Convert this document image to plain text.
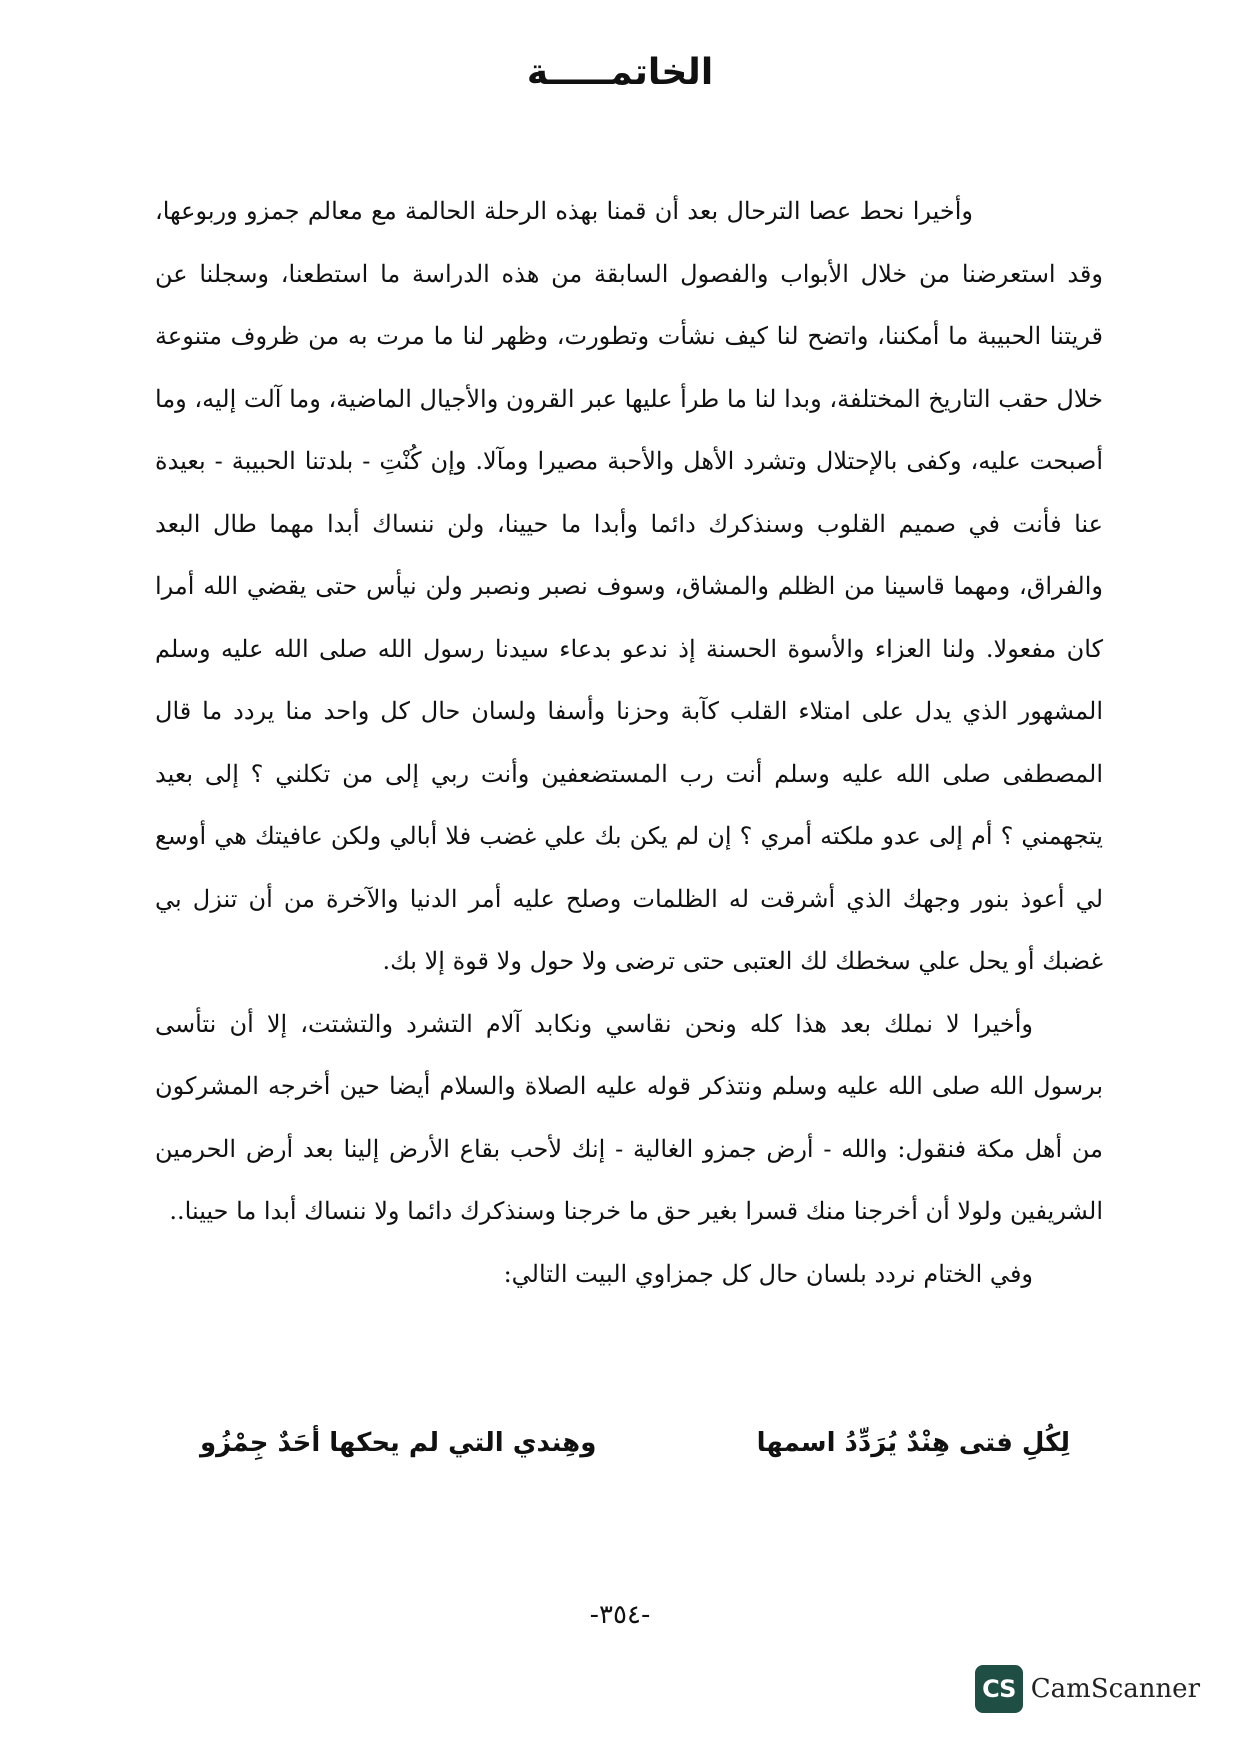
الخاتمـــــة

وأخيرا نحط عصا الترحال بعد أن قمنا بهذه الرحلة الحالمة مع معالم جمزو وربوعها، وقد استعرضنا من خلال الأبواب والفصول السابقة من هذه الدراسة ما استطعنا، وسجلنا عن قريتنا الحبيبة ما أمكننا، واتضح لنا كيف نشأت وتطورت، وظهر لنا ما مرت به من ظروف متنوعة خلال حقب التاريخ المختلفة، وبدا لنا ما طرأ عليها عبر القرون والأجيال الماضية، وما آلت إليه، وما أصبحت عليه، وكفى بالإحتلال وتشرد الأهل والأحبة مصيرا ومآلا. وإن كُنْتِ - بلدتنا الحبيبة - بعيدة عنا فأنت في صميم القلوب وسنذكرك دائما وأبدا ما حيينا، ولن ننساك أبدا مهما طال البعد والفراق، ومهما قاسينا من الظلم والمشاق، وسوف نصبر ونصبر ولن نيأس حتى يقضي الله أمرا كان مفعولا. ولنا العزاء والأسوة الحسنة إذ ندعو بدعاء سيدنا رسول الله صلى الله عليه وسلم المشهور الذي يدل على امتلاء القلب كآبة وحزنا وأسفا ولسان حال كل واحد منا يردد ما قال المصطفى صلى الله عليه وسلم أنت رب المستضعفين وأنت ربي إلى من تكلني ؟ إلى بعيد يتجهمني ؟ أم إلى عدو ملكته أمري ؟ إن لم يكن بك علي غضب فلا أبالي ولكن عافيتك هي أوسع لي أعوذ بنور وجهك الذي أشرقت له الظلمات وصلح عليه أمر الدنيا والآخرة من أن تنزل بي غضبك أو يحل علي سخطك لك العتبى حتى ترضى ولا حول ولا قوة إلا بك.

وأخيرا لا نملك بعد هذا كله ونحن نقاسي ونكابد آلام التشرد والتشتت، إلا أن نتأسى برسول الله صلى الله عليه وسلم ونتذكر قوله عليه الصلاة والسلام أيضا حين أخرجه المشركون من أهل مكة فنقول: والله - أرض جمزو الغالية - إنك لأحب بقاع الأرض إلينا بعد أرض الحرمين الشريفين ولولا أن أخرجنا منك قسرا بغير حق ما خرجنا وسنذكرك دائما ولا ننساك أبدا ما حيينا..

وفي الختام نردد بلسان حال كل جمزاوي البيت التالي:

لِكُلِ فتى هِنْدٌ يُرَدِّدُ اسمها
وهِندي التي لم يحكها أحَدٌ جِمْزُو
-٣٥٤-
CS CamScanner
